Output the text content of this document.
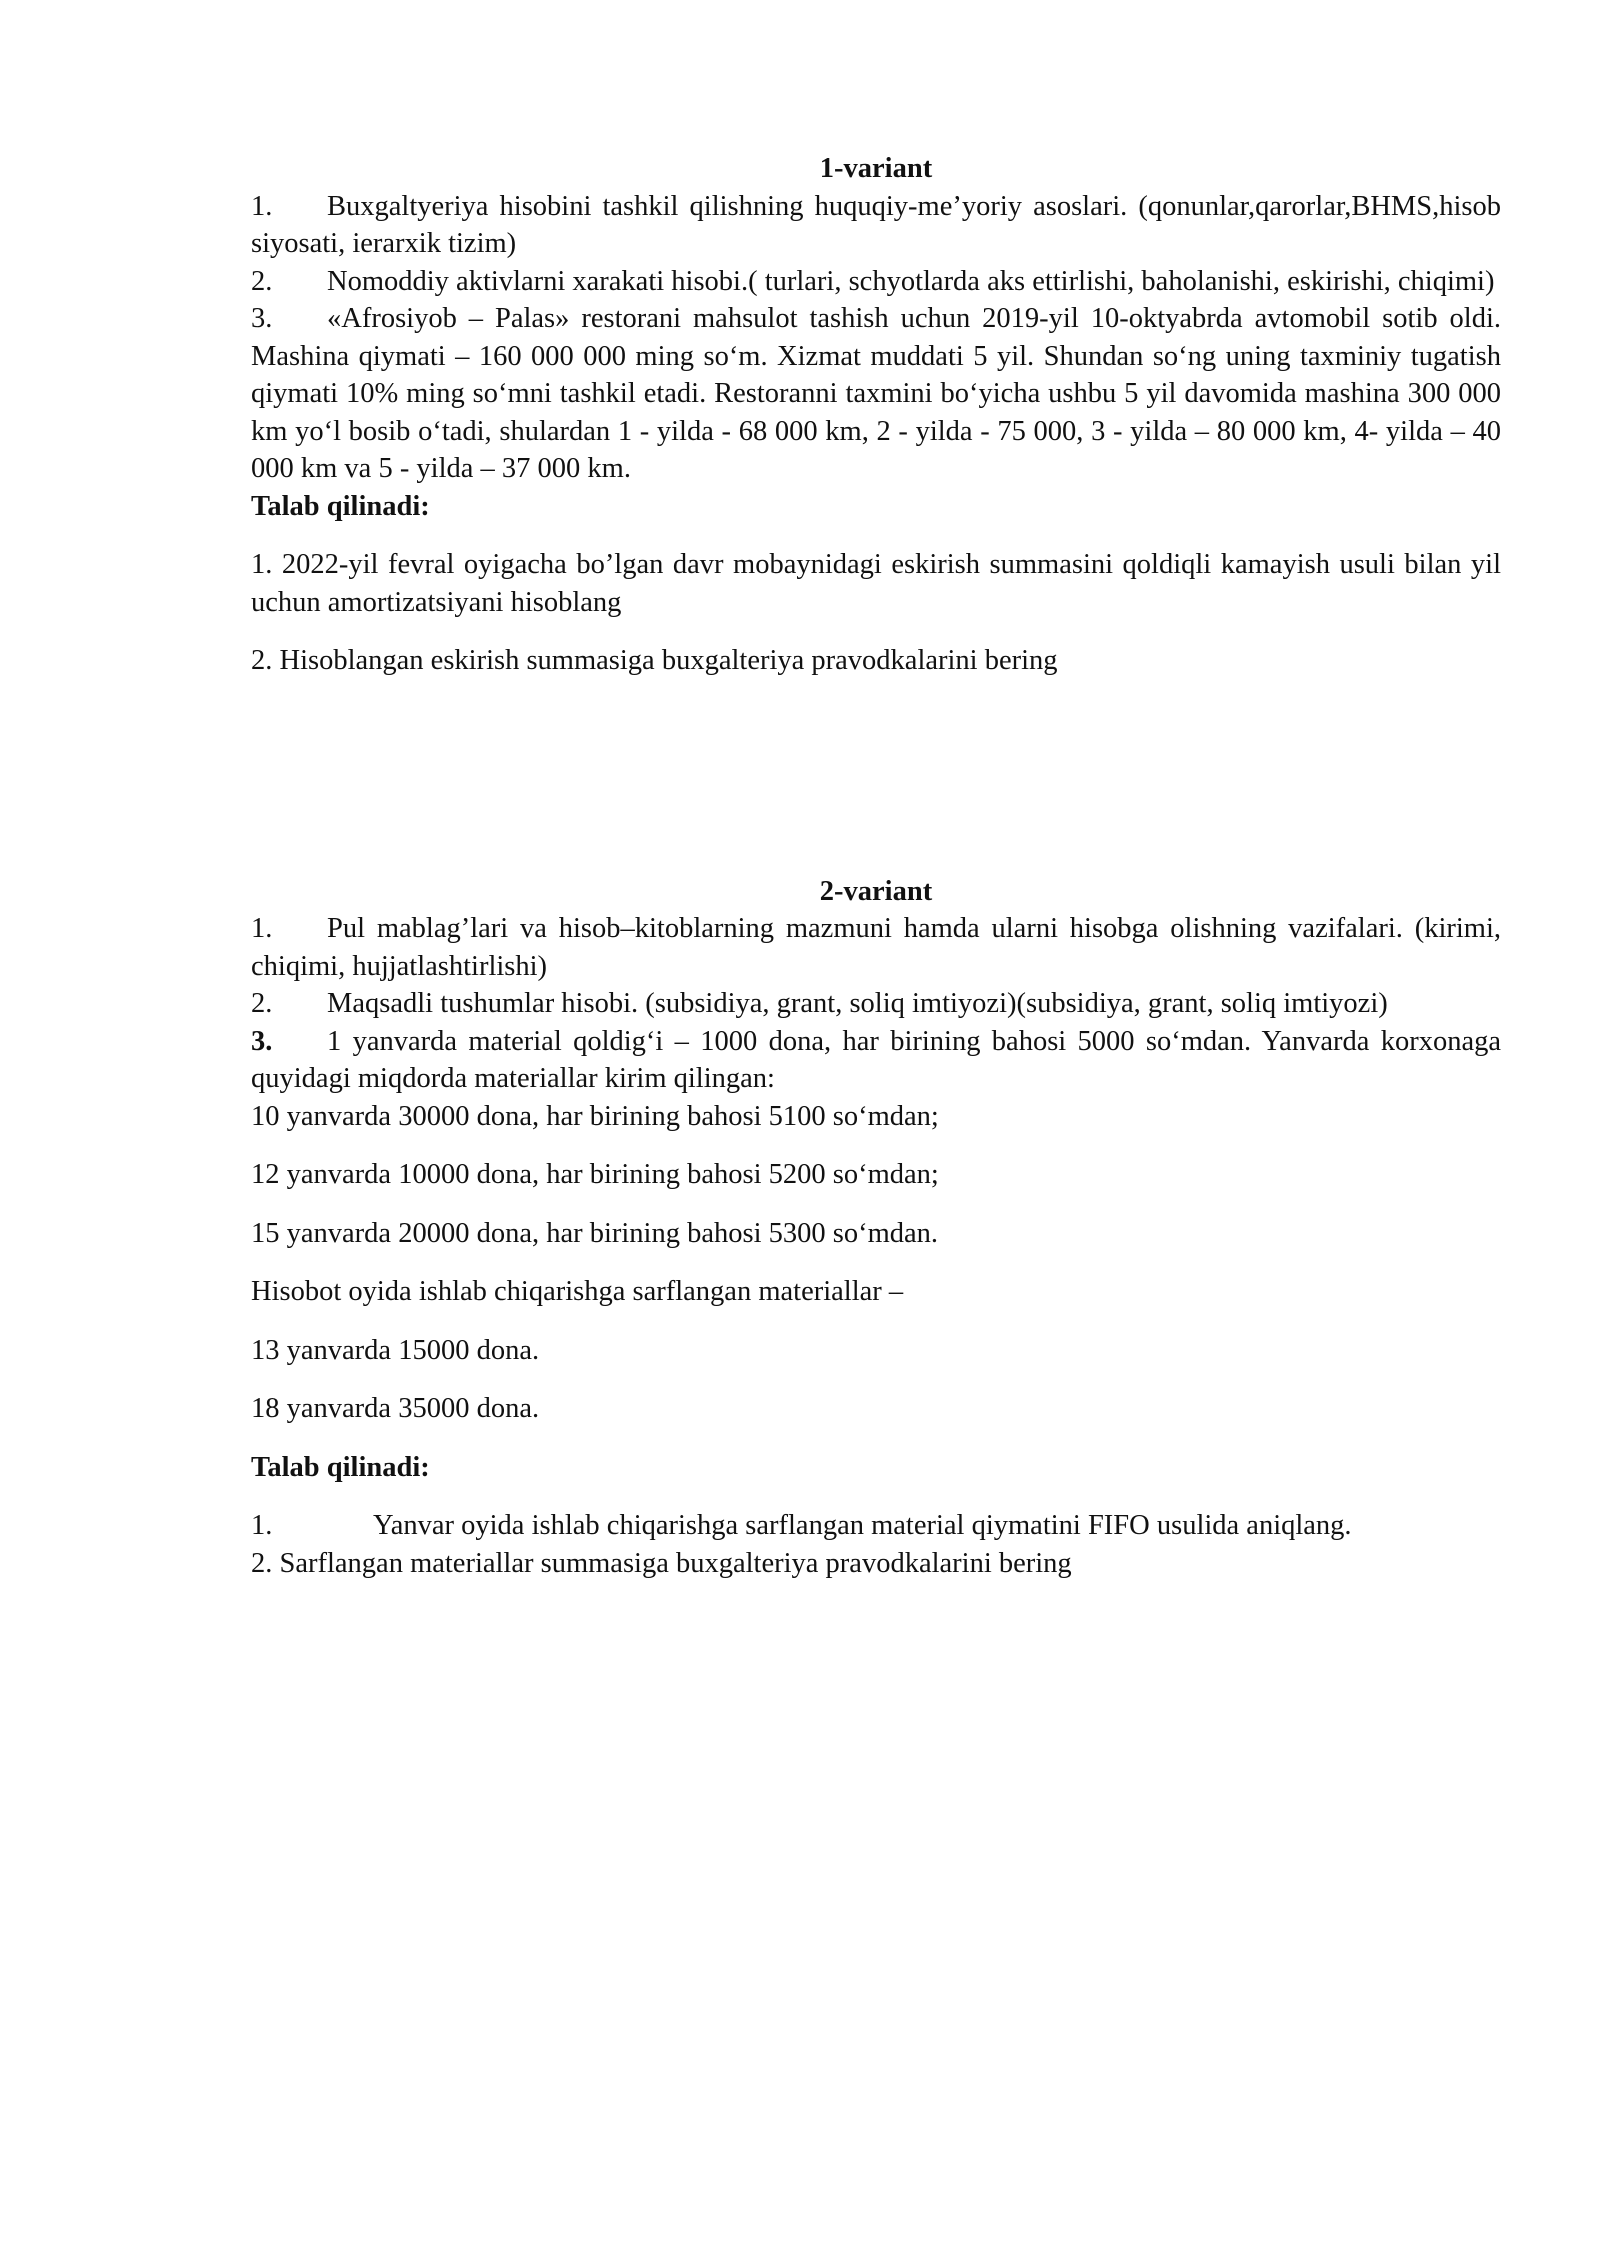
1-variant

1. Buxgaltyeriya hisobini tashkil qilishning huquqiy-me’yoriy asoslari. (qonunlar,qarorlar,BHMS,hisob siyosati, ierarxik tizim)

2. Nomoddiy aktivlarni xarakati hisobi.( turlari, schyotlarda aks ettirlishi, baholanishi, eskirishi, chiqimi)

3. «Afrosiyob – Palas» restorani mahsulot tashish uchun 2019-yil 10-oktyabrda avtomobil sotib oldi. Mashina qiymati – 160 000 000 ming so‘m. Xizmat muddati 5 yil. Shundan so‘ng uning taxminiy tugatish qiymati 10% ming so‘mni tashkil etadi. Restoranni taxmini bo‘yicha ushbu 5 yil davomida mashina 300 000 km yo‘l bosib o‘tadi, shulardan 1 - yilda - 68 000 km, 2 - yilda - 75 000, 3 - yilda – 80 000 km, 4- yilda – 40 000 km va 5 - yilda – 37 000 km.

Talab qilinadi:

1. 2022-yil fevral oyigacha bo’lgan davr mobaynidagi eskirish summasini qoldiqli kamayish usuli bilan yil uchun amortizatsiyani hisoblang

2. Hisoblangan eskirish summasiga buxgalteriya pravodkalarini bering

2-variant

1. Pul mablag’lari va hisob–kitoblarning mazmuni hamda ularni hisobga olishning vazifalari. (kirimi, chiqimi, hujjatlashtirlishi)

2. Maqsadli tushumlar hisobi. (subsidiya, grant, soliq imtiyozi)(subsidiya, grant, soliq imtiyozi)

3. 1 yanvarda material qoldig‘i – 1000 dona, har birining bahosi 5000 so‘mdan. Yanvarda korxonaga quyidagi miqdorda materiallar kirim qilingan:

10 yanvarda 30000 dona, har birining bahosi 5100 so‘mdan;

12 yanvarda 10000 dona, har birining bahosi 5200 so‘mdan;

15 yanvarda 20000 dona, har birining bahosi 5300 so‘mdan.

Hisobot oyida ishlab chiqarishga sarflangan materiallar –

13 yanvarda 15000 dona.

18 yanvarda 35000 dona.

Talab qilinadi:

1.	Yanvar oyida ishlab chiqarishga sarflangan material qiymatini FIFO usulida aniqlang.

2. Sarflangan materiallar summasiga buxgalteriya pravodkalarini bering
